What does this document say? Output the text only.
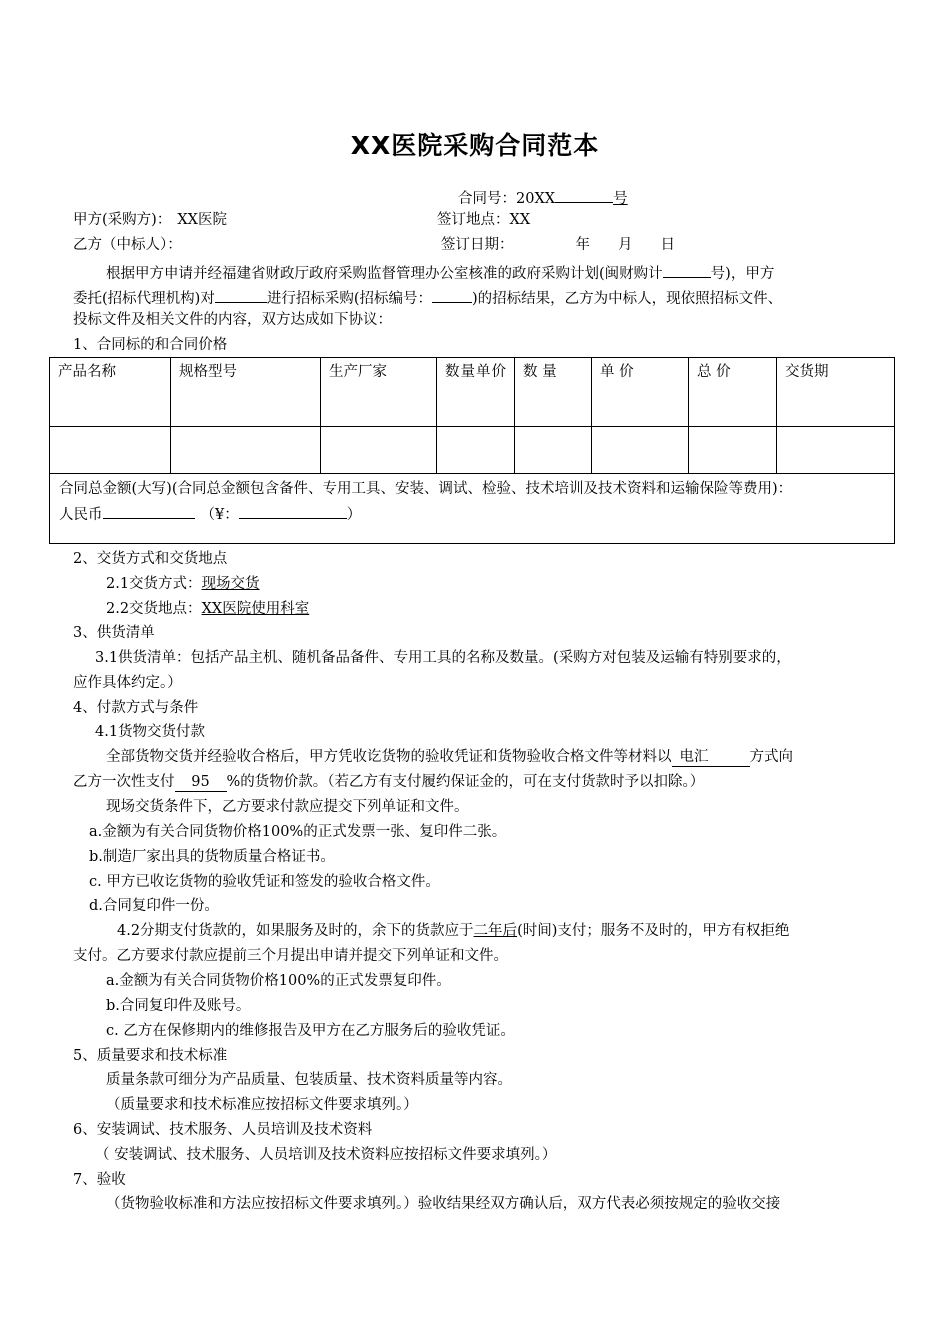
XX医院采购合同范本
合同号：20XX	号
甲方(采购方)： XX医院	签订地点：XX
乙方（中标人）：	签订日期：	年 月 日
根据甲方申请并经福建省财政厅政府采购监督管理办公室核准的政府采购计划(闽财购计	号)，甲方
委托(招标代理机构)对	进行招标采购(招标编号：	)的招标结果，乙方为中标人，现依照招标文件、
投标文件及相关文件的内容，双方达成如下协议：
1、合同标的和合同价格
产品名称	规格型号	生产厂家	数量单价	数 量	单 价	总 价	交货期

合同总金额(大写)(合同总金额包含备件、专用工具、安装、调试、检验、技术培训及技术资料和运输保险等费用)：
人民币 （¥： ）							
2、交货方式和交货地点
2.1交货方式：现场交货
2.2交货地点：XX医院使用科室
3、供货清单
3.1供货清单：包括产品主机、随机备品备件、专用工具的名称及数量。(采购方对包装及运输有特别要求的，
应作具体约定。）
4、付款方式与条件
4.1货物交货付款
全部货物交货并经验收合格后，甲方凭收讫货物的验收凭证和货物验收合格文件等材料以 电汇	方式向
乙方一次性支付 95 %的货物价款。（若乙方有支付履约保证金的，可在支付货款时予以扣除。）
现场交货条件下，乙方要求付款应提交下列单证和文件。
a.金额为有关合同货物价格100%的正式发票一张、复印件二张。
b.制造厂家出具的货物质量合格证书。
c. 甲方已收讫货物的验收凭证和签发的验收合格文件。
d.合同复印件一份。
4.2分期支付货款的，如果服务及时的，余下的货款应于二年后(时间)支付；服务不及时的，甲方有权拒绝
支付。乙方要求付款应提前三个月提出申请并提交下列单证和文件。
a.金额为有关合同货物价格100%的正式发票复印件。
b.合同复印件及账号。
c. 乙方在保修期内的维修报告及甲方在乙方服务后的验收凭证。
5、质量要求和技术标准
质量条款可细分为产品质量、包装质量、技术资料质量等内容。
（质量要求和技术标准应按招标文件要求填列。）
6、安装调试、技术服务、人员培训及技术资料
（ 安装调试、技术服务、人员培训及技术资料应按招标文件要求填列。）
7、验收
（货物验收标准和方法应按招标文件要求填列。）验收结果经双方确认后，双方代表必须按规定的验收交接
